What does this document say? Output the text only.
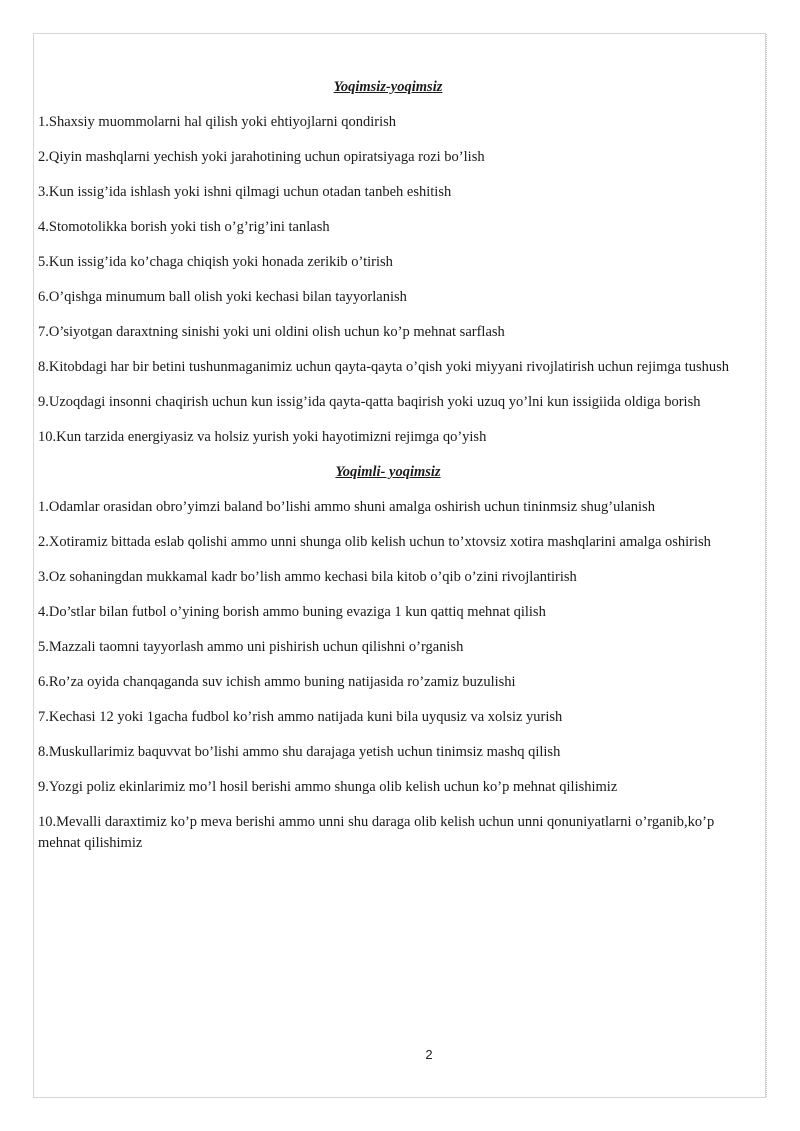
Yoqimsiz-yoqimsiz
1.Shaxsiy muommolarni hal qilish yoki ehtiyojlarni qondirish
2.Qiyin mashqlarni yechish yoki jarahotining uchun opiratsiyaga rozi bo’lish
3.Kun issig’ida ishlash yoki ishni qilmagi uchun otadan tanbeh eshitish
4.Stomotolikka borish yoki tish o’g’rig’ini tanlash
5.Kun issig’ida ko’chaga chiqish yoki honada zerikib o’tirish
6.O’qishga minumum ball olish yoki kechasi bilan tayyorlanish
7.O’siyotgan daraxtning sinishi yoki uni oldini olish uchun ko’p mehnat sarflash
8.Kitobdagi har bir betini tushunmaganimiz uchun qayta-qayta o’qish yoki miyyani rivojlatirish uchun rejimga tushush
9.Uzoqdagi insonni chaqirish uchun kun issig’ida qayta-qatta baqirish yoki uzuq yo’lni kun issigiida oldiga borish
10.Kun tarzida energiyasiz va holsiz yurish yoki hayotimizni rejimga qo’yish
Yoqimli- yoqimsiz
1.Odamlar orasidan obro’yimzi baland bo’lishi ammo shuni amalga oshirish uchun tininmsiz shug’ulanish
2.Xotiramiz bittada eslab qolishi ammo unni shunga olib kelish uchun to’xtovsiz xotira mashqlarini amalga oshirish
3.Oz sohaningdan mukkamal kadr bo’lish ammo kechasi bila kitob o’qib o’zini rivojlantirish
4.Do’stlar bilan futbol o’yining borish ammo buning evaziga 1 kun qattiq mehnat qilish
5.Mazzali taomni tayyorlash ammo uni pishirish uchun qilishni o’rganish
6.Ro’za oyida chanqaganda suv ichish ammo buning natijasida ro’zamiz buzulishi
7.Kechasi 12 yoki 1gacha fudbol ko’rish ammo natijada kuni bila uyqusiz va xolsiz yurish
8.Muskullarimiz baquvvat bo’lishi ammo shu darajaga yetish uchun tinimsiz mashq qilish
9.Yozgi poliz ekinlarimiz mo’l hosil berishi ammo shunga olib kelish uchun ko’p mehnat qilishimiz
10.Mevalli daraxtimiz ko’p meva berishi ammo unni shu daraga olib kelish uchun unni qonuniyatlarni o’rganib,ko’p mehnat qilishimiz
2
